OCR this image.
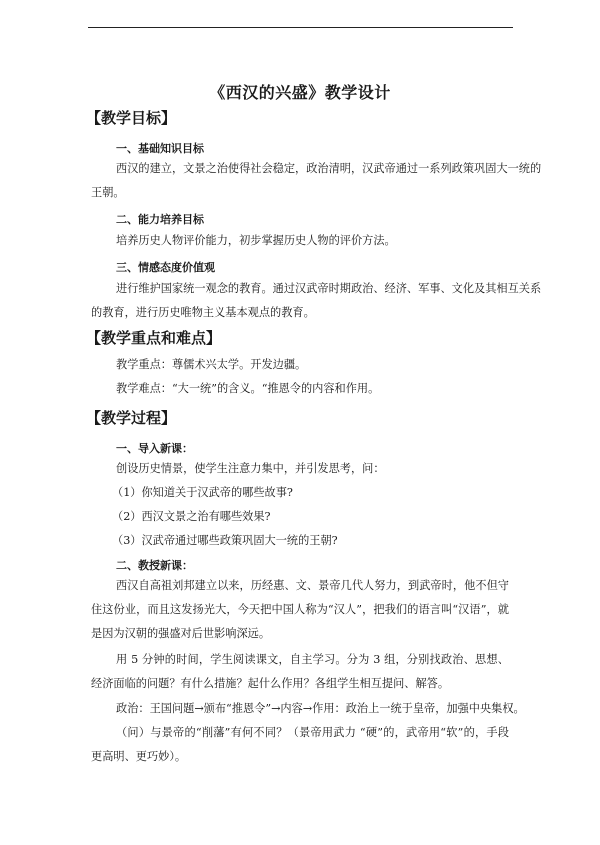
《西汉的兴盛》教学设计
【教学目标】
一、基础知识目标
西汉的建立，文景之治使得社会稳定，政治清明，汉武帝通过一系列政策巩固大一统的
王朝。
二、能力培养目标
培养历史人物评价能力，初步掌握历史人物的评价方法。
三、情感态度价值观
进行维护国家统一观念的教育。通过汉武帝时期政治、经济、军事、文化及其相互关系
的教育，进行历史唯物主义基本观点的教育。
【教学重点和难点】
教学重点：尊儒术兴太学。开发边疆。
教学难点：“大一统”的含义。“推恩令的内容和作用。
【教学过程】
一、导入新课：
创设历史情景，使学生注意力集中，并引发思考，问：
（1）你知道关于汉武帝的哪些故事?
（2）西汉文景之治有哪些效果?
（3）汉武帝通过哪些政策巩固大一统的王朝?
二、教授新课：
西汉自高祖刘邦建立以来，历经惠、文、景帝几代人努力，到武帝时，他不但守住这份业，而且这发扬光大，今天把中国人称为“汉人”，把我们的语言叫“汉语”，就是因为汉朝的强盛对后世影响深远。
用 5 分钟的时间，学生阅读课文，自主学习。分为 3 组，分别找政治、思想、经济面临的问题？有什么措施？起什么作用？各组学生相互提问、解答。
政治：王国问题→颁布“推恩令”→内容→作用：政治上一统于皇帝，加强中央集权。
（问）与景帝的“削藩”有何不同？（景帝用武力 “硬”的，武帝用“软”的，手段更高明、更巧妙）。
